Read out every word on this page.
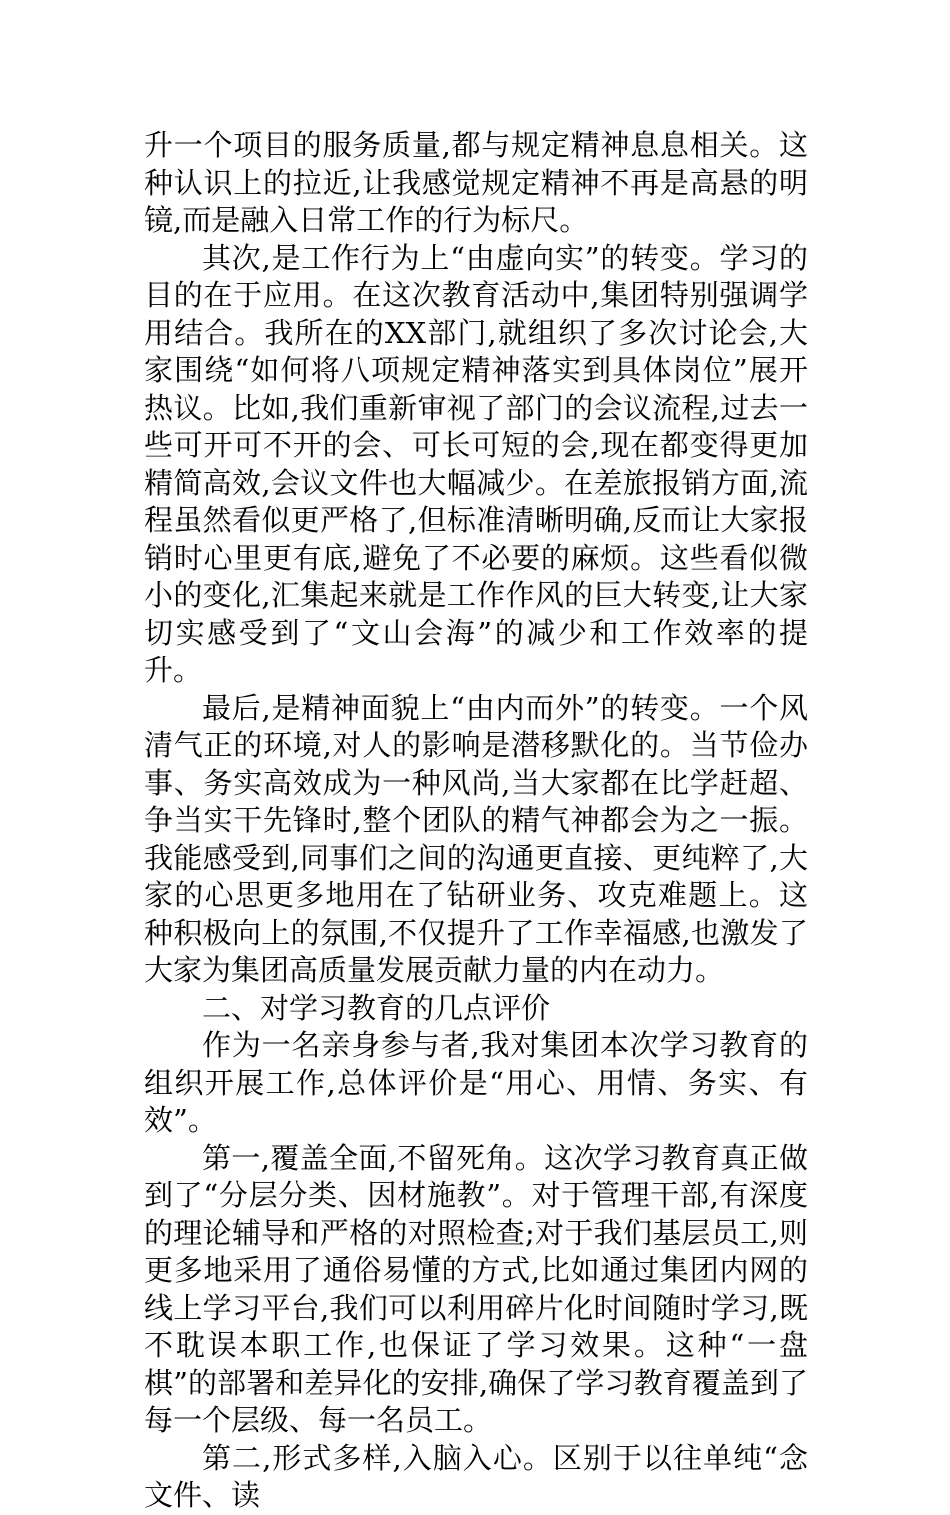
升一个项目的服务质量,都与规定精神息息相关。这种认识上的拉近,让我感觉规定精神不再是高悬的明镜,而是融入日常工作的行为标尺。

其次,是工作行为上“由虚向实”的转变。学习的目的在于应用。在这次教育活动中,集团特别强调学用结合。我所在的XX部门,就组织了多次讨论会,大家围绕“如何将八项规定精神落实到具体岗位”展开热议。比如,我们重新审视了部门的会议流程,过去一些可开可不开的会、可长可短的会,现在都变得更加精简高效,会议文件也大幅减少。在差旅报销方面,流程虽然看似更严格了,但标准清晰明确,反而让大家报销时心里更有底,避免了不必要的麻烦。这些看似微小的变化,汇集起来就是工作作风的巨大转变,让大家切实感受到了“文山会海”的减少和工作效率的提升。

最后,是精神面貌上“由内而外”的转变。一个风清气正的环境,对人的影响是潜移默化的。当节俭办事、务实高效成为一种风尚,当大家都在比学赶超、争当实干先锋时,整个团队的精气神都会为之一振。我能感受到,同事们之间的沟通更直接、更纯粹了,大家的心思更多地用在了钻研业务、攻克难题上。这种积极向上的氛围,不仅提升了工作幸福感,也激发了大家为集团高质量发展贡献力量的内在动力。

二、对学习教育的几点评价

作为一名亲身参与者,我对集团本次学习教育的组织开展工作,总体评价是“用心、用情、务实、有效”。

第一,覆盖全面,不留死角。这次学习教育真正做到了“分层分类、因材施教”。对于管理干部,有深度的理论辅导和严格的对照检查;对于我们基层员工,则更多地采用了通俗易懂的方式,比如通过集团内网的线上学习平台,我们可以利用碎片化时间随时学习,既不耽误本职工作,也保证了学习效果。这种“一盘棋”的部署和差异化的安排,确保了学习教育覆盖到了每一个层级、每一名员工。

第二,形式多样,入脑入心。区别于以往单纯“念文件、读
